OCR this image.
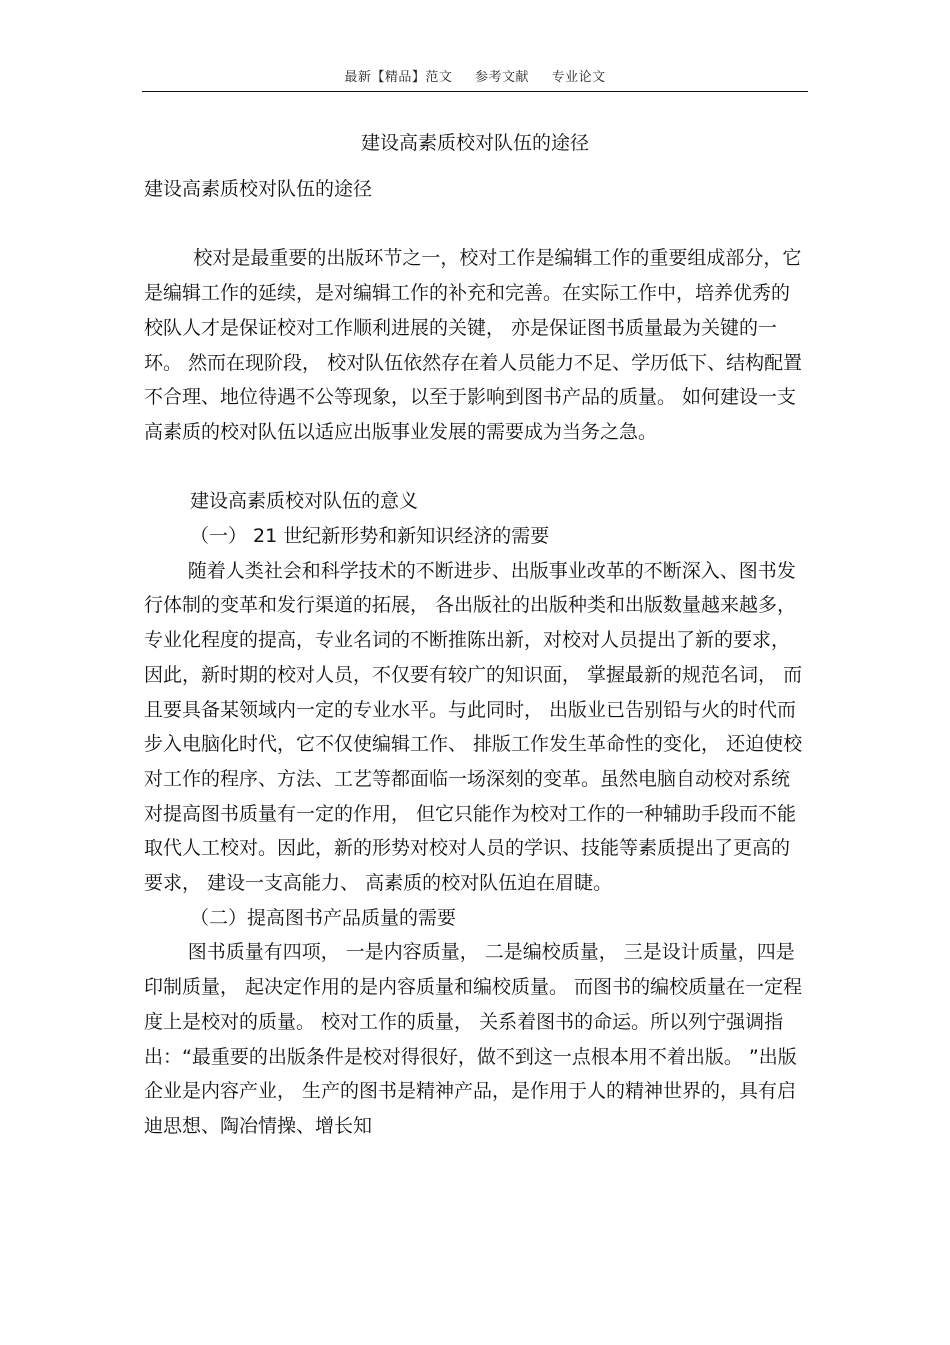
最新【精品】范文 参考文献 专业论文
建设高素质校对队伍的途径

建设高素质校对队伍的途径

校对是最重要的出版环节之一，校对工作是编辑工作的重要组成部分，它是编辑工作的延续，是对编辑工作的补充和完善。在实际工作中，培养优秀的校队人才是保证校对工作顺利进展的关键， 亦是保证图书质量最为关键的一环。 然而在现阶段， 校对队伍依然存在着人员能力不足、学历低下、结构配置不合理、地位待遇不公等现象，以至于影响到图书产品的质量。 如何建设一支高素质的校对队伍以适应出版事业发展的需要成为当务之急。

建设高素质校对队伍的意义

（一） 21 世纪新形势和新知识经济的需要

随着人类社会和科学技术的不断进步、出版事业改革的不断深入、图书发行体制的变革和发行渠道的拓展， 各出版社的出版种类和出版数量越来越多，专业化程度的提高，专业名词的不断推陈出新，对校对人员提出了新的要求，因此，新时期的校对人员，不仅要有较广的知识面， 掌握最新的规范名词， 而且要具备某领域内一定的专业水平。与此同时， 出版业已告别铅与火的时代而步入电脑化时代，它不仅使编辑工作、 排版工作发生革命性的变化， 还迫使校对工作的程序、方法、工艺等都面临一场深刻的变革。虽然电脑自动校对系统对提高图书质量有一定的作用， 但它只能作为校对工作的一种辅助手段而不能取代人工校对。因此，新的形势对校对人员的学识、技能等素质提出了更高的要求， 建设一支高能力、 高素质的校对队伍迫在眉睫。

（二）提高图书产品质量的需要

图书质量有四项， 一是内容质量， 二是编校质量， 三是设计质量，四是印制质量， 起决定作用的是内容质量和编校质量。 而图书的编校质量在一定程度上是校对的质量。 校对工作的质量， 关系着图书的命运。所以列宁强调指出：“最重要的出版条件是校对得很好，做不到这一点根本用不着出版。 ”出版企业是内容产业， 生产的图书是精神产品，是作用于人的精神世界的，具有启迪思想、陶冶情操、增长知
